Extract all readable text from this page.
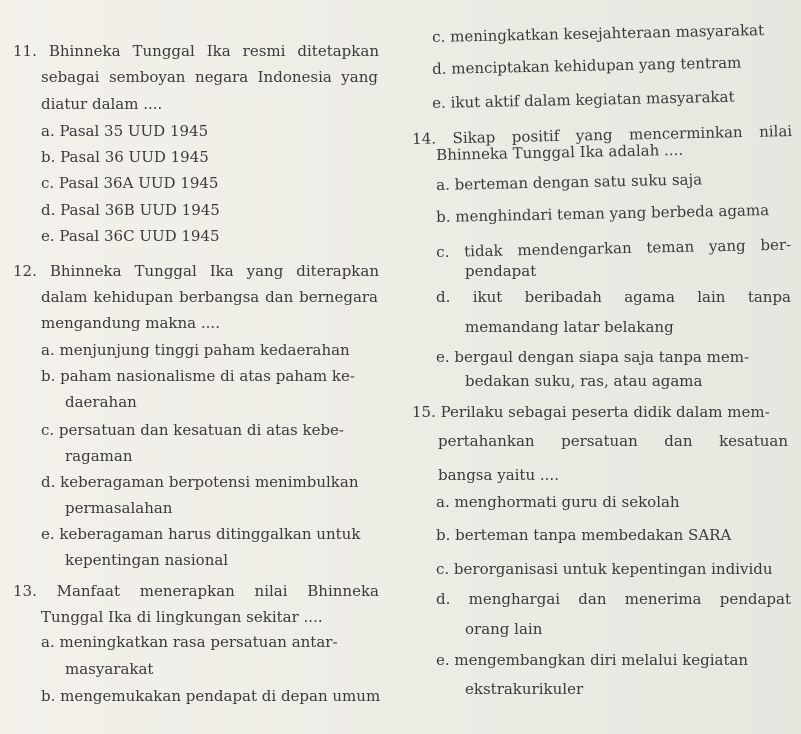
11. Bhinneka Tunggal Ika resmi ditetapkan
sebagai semboyan negara Indonesia yang
diatur dalam ....
a. Pasal 35 UUD 1945
b. Pasal 36 UUD 1945
c. Pasal 36A UUD 1945
d. Pasal 36B UUD 1945
e. Pasal 36C UUD 1945
12. Bhinneka Tunggal Ika yang diterapkan
dalam kehidupan berbangsa dan bernegara
mengandung makna ....
a. menjunjung tinggi paham kedaerahan
b. paham nasionalisme di atas paham ke-
daerahan
c. persatuan dan kesatuan di atas kebe-
ragaman
d. keberagaman berpotensi menimbulkan
permasalahan
e. keberagaman harus ditinggalkan untuk
kepentingan nasional
13. Manfaat menerapkan nilai Bhinneka
Tunggal Ika di lingkungan sekitar ....
a. meningkatkan rasa persatuan antar-
masyarakat
b. mengemukakan pendapat di depan umum
c. meningkatkan kesejahteraan masyarakat
d. menciptakan kehidupan yang tentram
e. ikut aktif dalam kegiatan masyarakat
14. Sikap positif yang mencerminkan nilai
Bhinneka Tunggal Ika adalah ....
a. berteman dengan satu suku saja
b. menghindari teman yang berbeda agama
c. tidak mendengarkan teman yang ber-
pendapat
d. ikut beribadah agama lain tanpa
memandang latar belakang
e. bergaul dengan siapa saja tanpa mem-
bedakan suku, ras, atau agama
15. Perilaku sebagai peserta didik dalam mem-
pertahankan persatuan dan kesatuan
bangsa yaitu ....
a. menghormati guru di sekolah
b. berteman tanpa membedakan SARA
c. berorganisasi untuk kepentingan individu
d. menghargai dan menerima pendapat
orang lain
e. mengembangkan diri melalui kegiatan
ekstrakurikuler
